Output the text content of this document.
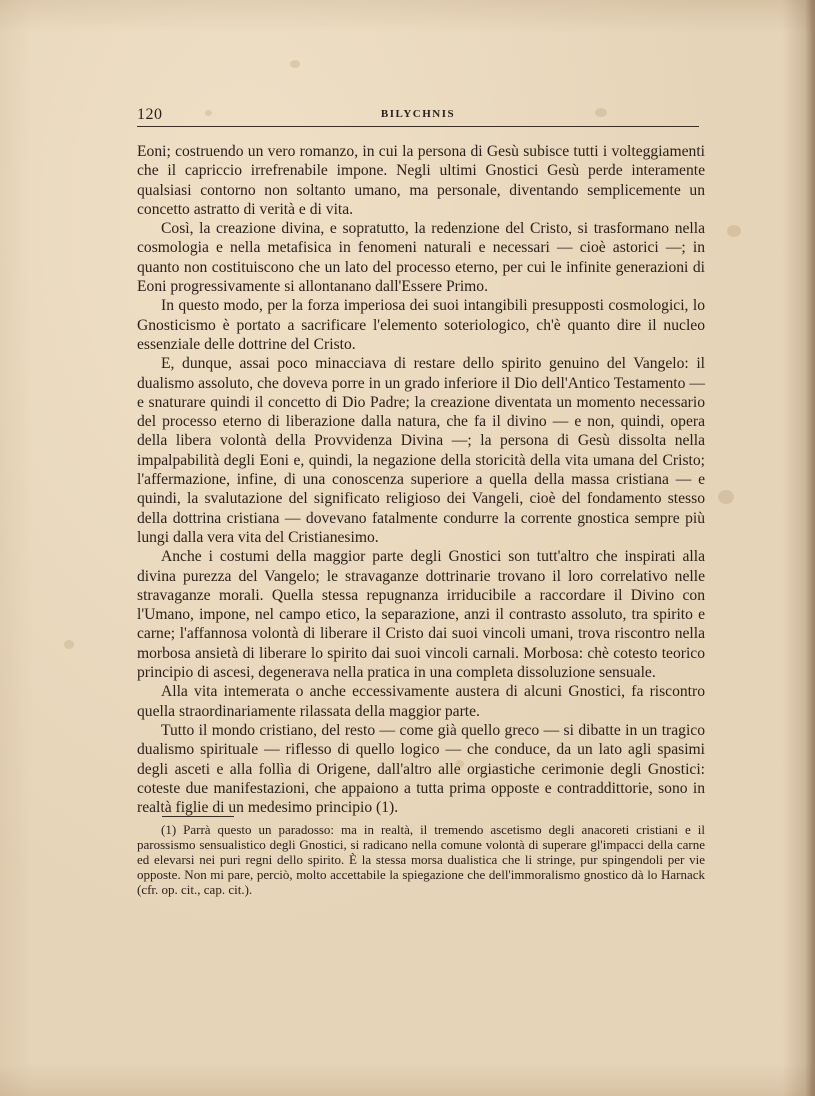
120	BILYCHNIS

Eoni; costruendo un vero romanzo, in cui la persona di Gesù subisce tutti i volteggiamenti che il capriccio irrefrenabile impone. Negli ultimi Gnostici Gesù perde interamente qualsiasi contorno non soltanto umano, ma personale, diventando semplicemente un concetto astratto di verità e di vita.

Così, la creazione divina, e sopratutto, la redenzione del Cristo, si trasformano nella cosmologia e nella metafisica in fenomeni naturali e necessari — cioè astorici —; in quanto non costituiscono che un lato del processo eterno, per cui le infinite generazioni di Eoni progressivamente si allontanano dall'Essere Primo.

In questo modo, per la forza imperiosa dei suoi intangibili presupposti cosmologici, lo Gnosticismo è portato a sacrificare l'elemento soteriologico, ch'è quanto dire il nucleo essenziale delle dottrine del Cristo.

E, dunque, assai poco minacciava di restare dello spirito genuino del Vangelo: il dualismo assoluto, che doveva porre in un grado inferiore il Dio dell'Antico Testamento — e snaturare quindi il concetto di Dio Padre; la creazione diventata un momento necessario del processo eterno di liberazione dalla natura, che fa il divino — e non, quindi, opera della libera volontà della Provvidenza Divina —; la persona di Gesù dissolta nella impalpabilità degli Eoni e, quindi, la negazione della storicità della vita umana del Cristo; l'affermazione, infine, di una conoscenza superiore a quella della massa cristiana — e quindi, la svalutazione del significato religioso dei Vangeli, cioè del fondamento stesso della dottrina cristiana — dovevano fatalmente condurre la corrente gnostica sempre più lungi dalla vera vita del Cristianesimo.

Anche i costumi della maggior parte degli Gnostici son tutt'altro che inspirati alla divina purezza del Vangelo; le stravaganze dottrinarie trovano il loro correlativo nelle stravaganze morali. Quella stessa repugnanza irriducibile a raccordare il Divino con l'Umano, impone, nel campo etico, la separazione, anzi il contrasto assoluto, tra spirito e carne; l'affannosa volontà di liberare il Cristo dai suoi vincoli umani, trova riscontro nella morbosa ansietà di liberare lo spirito dai suoi vincoli carnali. Morbosa: chè cotesto teorico principio di ascesi, degenerava nella pratica in una completa dissoluzione sensuale.

Alla vita intemerata o anche eccessivamente austera di alcuni Gnostici, fa riscontro quella straordinariamente rilassata della maggior parte.

Tutto il mondo cristiano, del resto — come già quello greco — si dibatte in un tragico dualismo spirituale — riflesso di quello logico — che conduce, da un lato agli spasimi degli asceti e alla follìa di Origene, dall'altro alle orgiastiche cerimonie degli Gnostici: coteste due manifestazioni, che appaiono a tutta prima opposte e contraddittorie, sono in realtà figlie di un medesimo principio (1).

(1) Parrà questo un paradosso: ma in realtà, il tremendo ascetismo degli anacoreti cristiani e il parossismo sensualistico degli Gnostici, si radicano nella comune volontà di superare gl'impacci della carne ed elevarsi nei puri regni dello spirito. È la stessa morsa dualistica che li stringe, pur spingendoli per vie opposte. Non mi pare, perciò, molto accettabile la spiegazione che dell'immoralismo gnostico dà lo Harnack (cfr. op. cit., cap. cit.).
